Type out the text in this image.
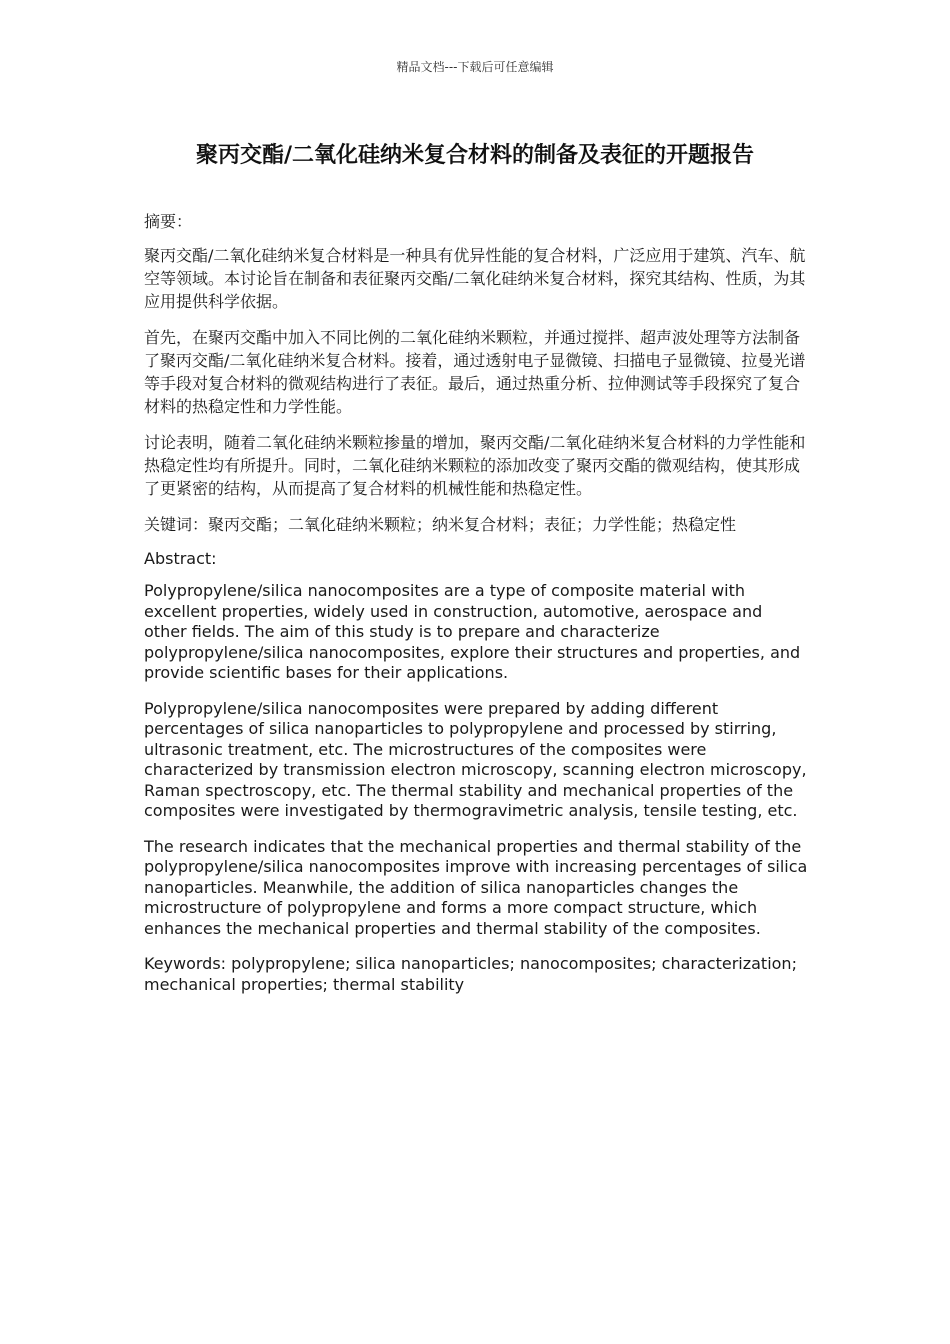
精品文档---下载后可任意编辑
聚丙交酯/二氧化硅纳米复合材料的制备及表征的开题报告

摘要：

聚丙交酯/二氧化硅纳米复合材料是一种具有优异性能的复合材料，广泛应用于建筑、汽车、航空等领域。本讨论旨在制备和表征聚丙交酯/二氧化硅纳米复合材料，探究其结构、性质，为其应用提供科学依据。

首先，在聚丙交酯中加入不同比例的二氧化硅纳米颗粒，并通过搅拌、超声波处理等方法制备了聚丙交酯/二氧化硅纳米复合材料。接着，通过透射电子显微镜、扫描电子显微镜、拉曼光谱等手段对复合材料的微观结构进行了表征。最后，通过热重分析、拉伸测试等手段探究了复合材料的热稳定性和力学性能。

讨论表明，随着二氧化硅纳米颗粒掺量的增加，聚丙交酯/二氧化硅纳米复合材料的力学性能和热稳定性均有所提升。同时，二氧化硅纳米颗粒的添加改变了聚丙交酯的微观结构，使其形成了更紧密的结构，从而提高了复合材料的机械性能和热稳定性。

关键词：聚丙交酯；二氧化硅纳米颗粒；纳米复合材料；表征；力学性能；热稳定性

Abstract:

Polypropylene/silica nanocomposites are a type of composite material with excellent properties, widely used in construction, automotive, aerospace and other fields. The aim of this study is to prepare and characterize polypropylene/silica nanocomposites, explore their structures and properties, and provide scientific bases for their applications.

Polypropylene/silica nanocomposites were prepared by adding different percentages of silica nanoparticles to polypropylene and processed by stirring, ultrasonic treatment, etc. The microstructures of the composites were characterized by transmission electron microscopy, scanning electron microscopy, Raman spectroscopy, etc. The thermal stability and mechanical properties of the composites were investigated by thermogravimetric analysis, tensile testing, etc.

The research indicates that the mechanical properties and thermal stability of the polypropylene/silica nanocomposites improve with increasing percentages of silica nanoparticles. Meanwhile, the addition of silica nanoparticles changes the microstructure of polypropylene and forms a more compact structure, which enhances the mechanical properties and thermal stability of the composites.

Keywords: polypropylene; silica nanoparticles; nanocomposites; characterization; mechanical properties; thermal stability
